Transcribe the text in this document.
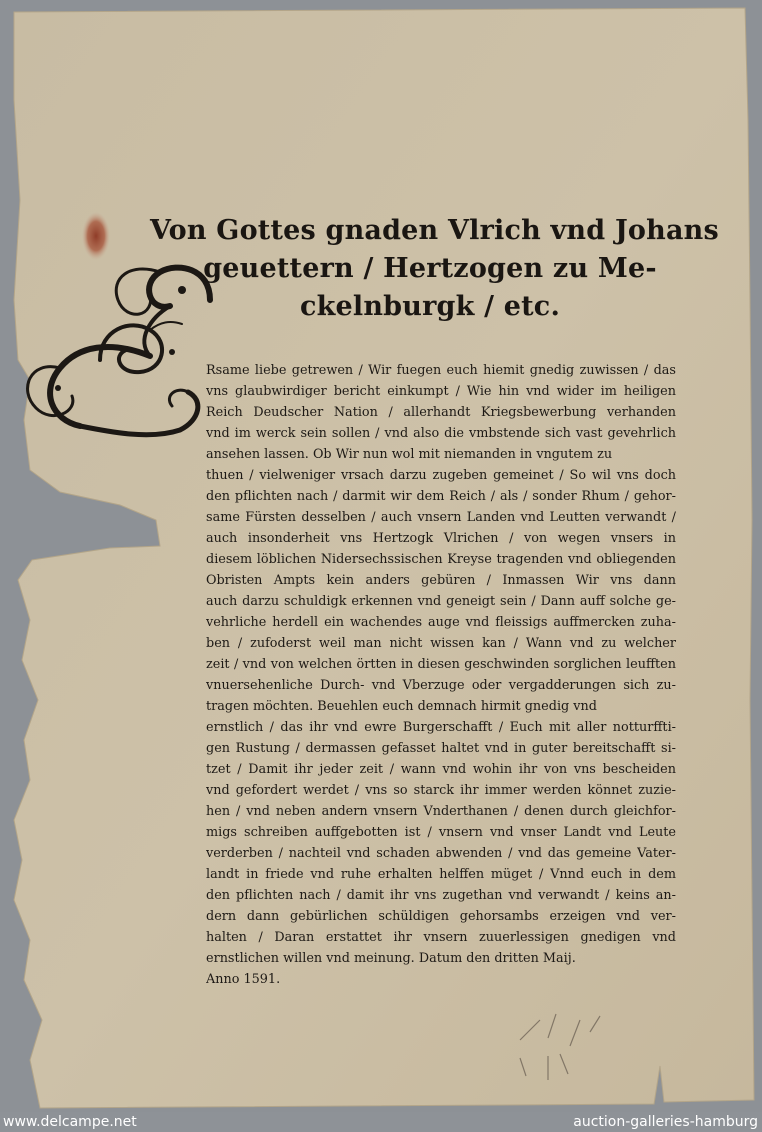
Von Gottes gnaden Vlrich vnd Johans
geuettern / Hertzogen zu Me-
ckelnburgk / etc.
Rsame liebe getrewen / Wir fuegen euch hiemit gnedig zuwissen / das
vns glaubwirdiger bericht einkumpt / Wie hin vnd wider im heiligen
Reich Deudscher Nation / allerhandt Kriegsbewerbung verhanden
vnd im werck sein sollen / vnd also die vmbstende sich vast gevehrlich
ansehen lassen. Ob Wir nun wol mit niemanden in vngutem zu
thuen / vielweniger vrsach darzu zugeben gemeinet / So wil vns doch
den pflichten nach / darmit wir dem Reich / als / sonder Rhum / gehor-
same Fürsten desselben / auch vnsern Landen vnd Leutten verwandt /
auch insonderheit vns Hertzogk Vlrichen / von wegen vnsers in
diesem löblichen Nidersechssischen Kreyse tragenden vnd obliegenden
Obristen Ampts kein anders gebüren / Inmassen Wir vns dann
auch darzu schuldigk erkennen vnd geneigt sein / Dann auff solche ge-
vehrliche herdell ein wachendes auge vnd fleissigs auffmercken zuha-
ben / zufoderst weil man nicht wissen kan / Wann vnd zu welcher
zeit / vnd von welchen örtten in diesen geschwinden sorglichen leufften
vnuersehenliche Durch- vnd Vberzuge oder vergadderungen sich zu-
tragen möchten. Beuehlen euch demnach hirmit gnedig vnd
ernstlich / das ihr vnd ewre Burgerschafft / Euch mit aller notturffti-
gen Rustung / dermassen gefasset haltet vnd in guter bereitschafft si-
tzet / Damit ihr jeder zeit / wann vnd wohin ihr von vns bescheiden
vnd gefordert werdet / vns so starck ihr immer werden könnet zuzie-
hen / vnd neben andern vnsern Vnderthanen / denen durch gleichfor-
migs schreiben auffgebotten ist / vnsern vnd vnser Landt vnd Leute
verderben / nachteil vnd schaden abwenden / vnd das gemeine Vater-
landt in friede vnd ruhe erhalten helffen müget / Vnnd euch in dem
den pflichten nach / damit ihr vns zugethan vnd verwandt / keins an-
dern dann gebürlichen schüldigen gehorsambs erzeigen vnd ver-
halten / Daran erstattet ihr vnsern zuuerlessigen gnedigen vnd
ernstlichen willen vnd meinung. Datum den dritten Maij.
Anno 1591.
www.delcampe.net	auction-galleries-hamburg
